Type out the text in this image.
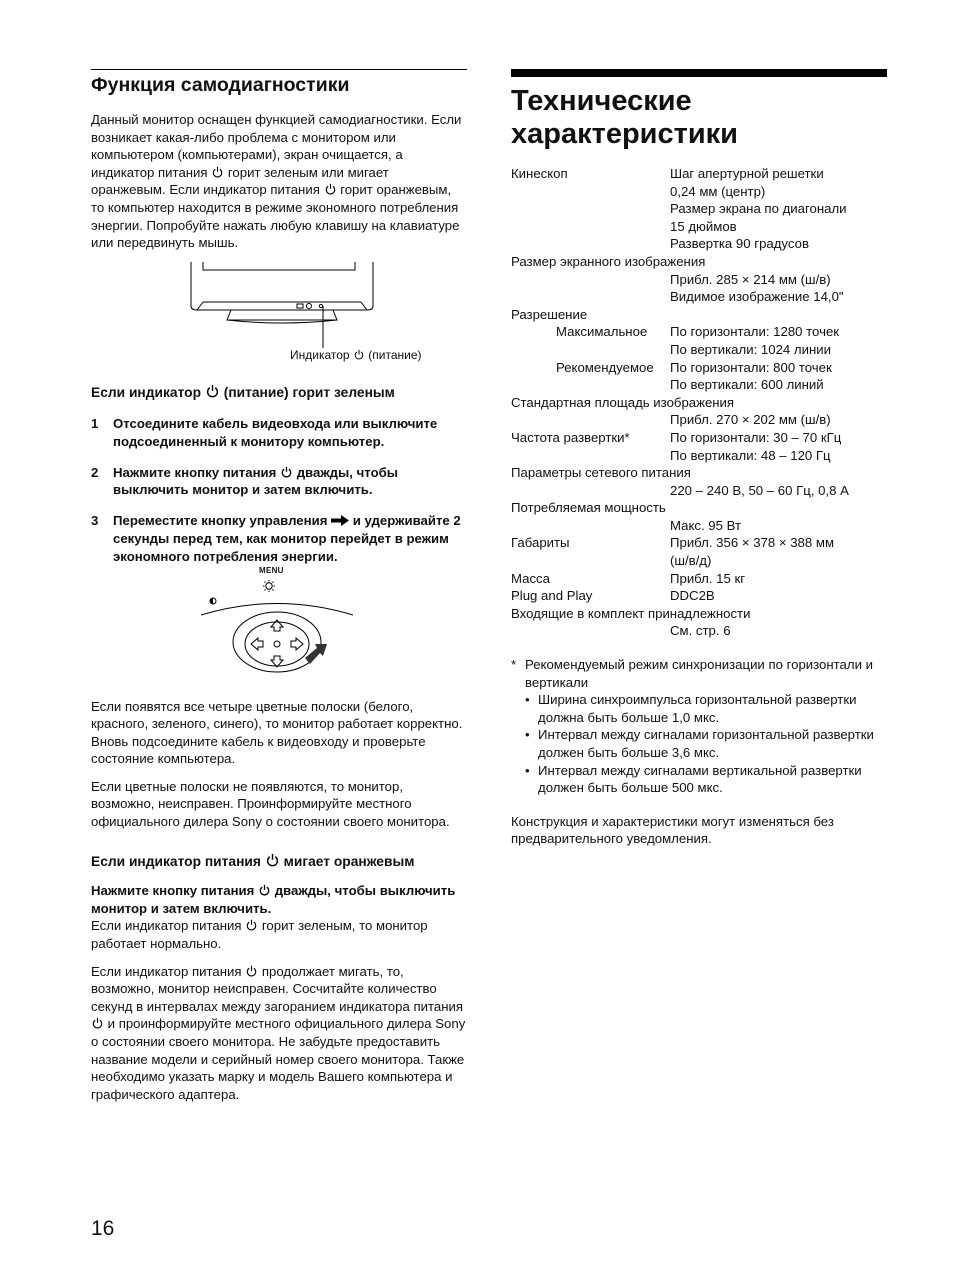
Функция самодиагностики

Данный монитор оснащен функцией самодиагностики. Если возникает какая-либо проблема с монитором или компьютером (компьютерами), экран очищается, а индикатор питания горит зеленым или мигает оранжевым. Если индикатор питания горит оранжевым, то компьютер находится в режиме экономного потребления энергии. Попробуйте нажать любую клавишу на клавиатуре или передвинуть мышь.

Индикатор (питание)
Если индикатор (питание) горит зеленым
1	Отсоедините кабель видеовхода или выключите подсоединенный к монитору компьютер.
2	Нажмите кнопку питания дважды, чтобы выключить монитор и затем включить.
3	Переместите кнопку управления и удерживайте 2 секунды перед тем, как монитор перейдет в режим экономного потребления энергии.
MENU

Если появятся все четыре цветные полоски (белого, красного, зеленого, синего), то монитор работает корректно. Вновь подсоедините кабель к видеовходу и проверьте состояние компьютера.

Если цветные полоски не появляются, то монитор, возможно, неисправен. Проинформируйте местного официального дилера Sony о состоянии своего монитора.

Если индикатор питания мигает оранжевым

Нажмите кнопку питания дважды, чтобы выключить монитор и затем включить.
Если индикатор питания горит зеленым, то монитор работает нормально.

Если индикатор питания продолжает мигать, то, возможно, монитор неисправен. Сосчитайте количество секунд в интервалах между загоранием индикатора питания
и проинформируйте местного официального дилера Sony о состоянии своего монитора. Не забудьте предоставить название модели и серийный номер своего монитора. Также необходимо указать марку и модель Вашего компьютера и графического адаптера.

Технические
характеристики
Кинескоп	Шаг апертурной решетки
0,24 мм (центр)
Размер экрана по диагонали
15 дюймов
Развертка 90 градусов
Размер экранного изображения
Прибл. 285 × 214 мм (ш/в)
Видимое изображение 14,0"
Разрешение
Максимальное	По горизонтали: 1280 точек
По вертикали: 1024 линии
Рекомендуемое	По горизонтали: 800 точек
По вертикали: 600 линий
Стандартная площадь изображения
Прибл. 270 × 202 мм (ш/в)
Частота развертки*	По горизонтали: 30 – 70 кГц
По вертикали: 48 – 120 Гц
Параметры сетевого питания
220 – 240 В, 50 – 60 Гц, 0,8 А
Потребляемая мощность
Макс. 95 Вт
Габариты	Прибл. 356 × 378 × 388 мм
(ш/в/д)
Масса	Прибл. 15 кг
Plug and Play	DDC2B
Входящие в комплект принадлежности
См. стр. 6
* Рекомендуемый режим синхронизации по горизонтали и вертикали
• Ширина синхроимпульса горизонтальной развертки должна быть больше 1,0 мкс.
• Интервал между сигналами горизонтальной развертки должен быть больше 3,6 мкс.
• Интервал между сигналами вертикальной развертки должен быть больше 500 мкс.

Конструкция и характеристики могут изменяться без предварительного уведомления.

16
